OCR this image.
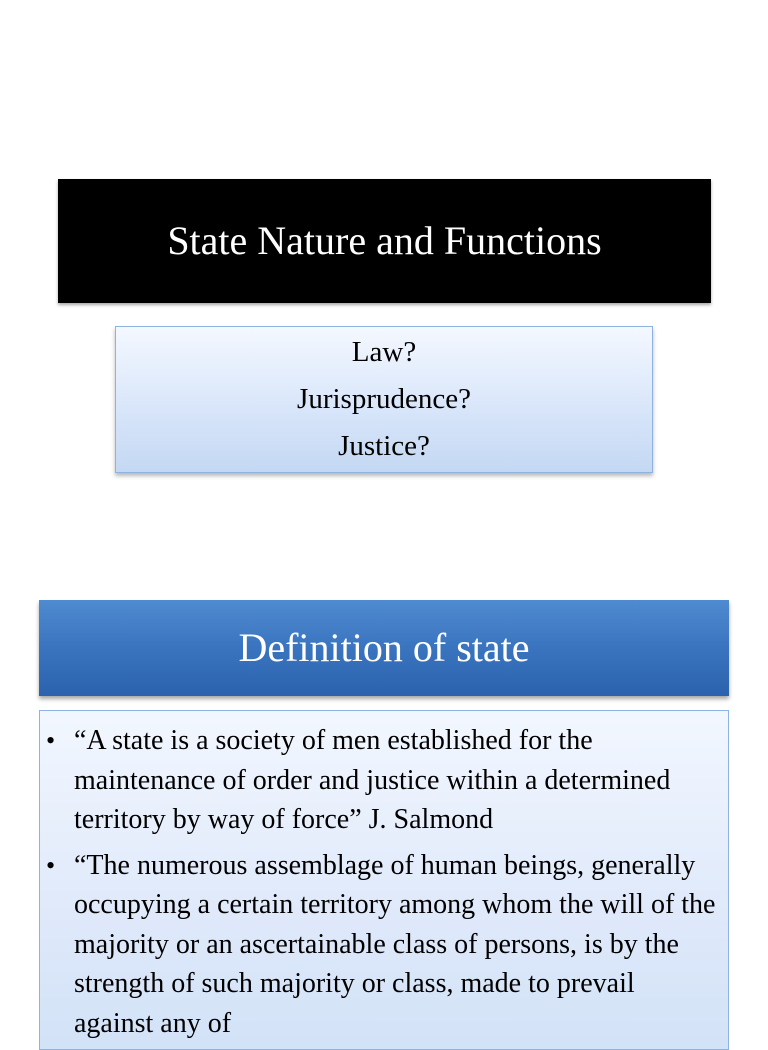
State Nature and Functions
Law?
Jurisprudence?
Justice?
Definition of state
• “A state is a society of men established for the maintenance of order and justice within a determined territory by way of force” J. Salmond
• “The numerous assemblage of human beings, generally occupying a certain territory among whom the will of the majority or an ascertainable class of persons, is by the strength of such majority or class, made to prevail against any of
